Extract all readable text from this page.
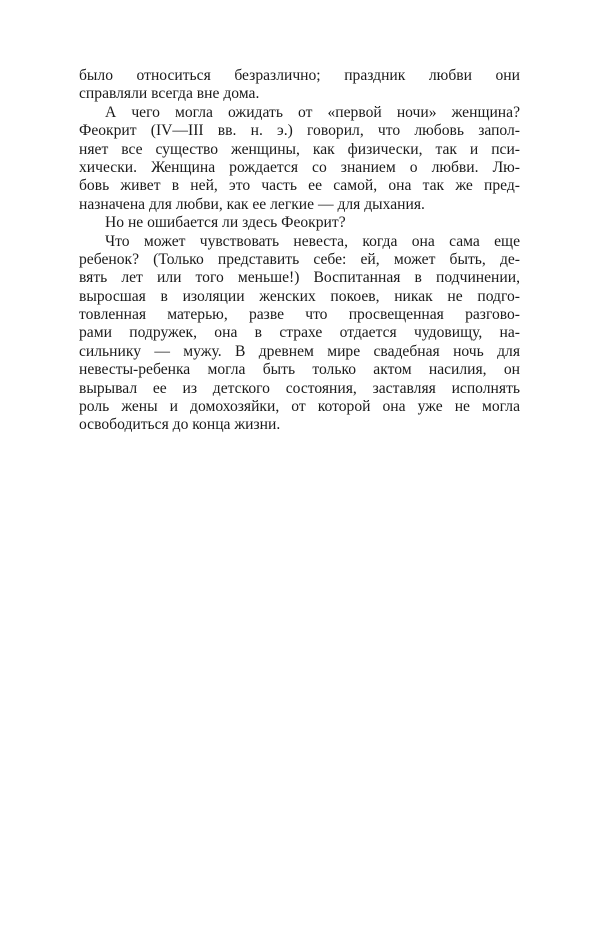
было относиться безразлично; праздник любви они
справляли всегда вне дома.
А чего могла ожидать от «первой ночи» женщина?
Феокрит (IV—III вв. н. э.) говорил, что любовь запол-
няет все существо женщины, как физически, так и пси-
хически. Женщина рождается со знанием о любви. Лю-
бовь живет в ней, это часть ее самой, она так же пред-
назначена для любви, как ее легкие — для дыхания.
Но не ошибается ли здесь Феокрит?
Что может чувствовать невеста, когда она сама еще
ребенок? (Только представить себе: ей, может быть, де-
вять лет или того меньше!) Воспитанная в подчинении,
выросшая в изоляции женских покоев, никак не подго-
товленная матерью, разве что просвещенная разгово-
рами подружек, она в страхе отдается чудовищу, на-
сильнику — мужу. В древнем мире свадебная ночь для
невесты-ребенка могла быть только актом насилия, он
вырывал ее из детского состояния, заставляя исполнять
роль жены и домохозяйки, от которой она уже не могла
освободиться до конца жизни.
